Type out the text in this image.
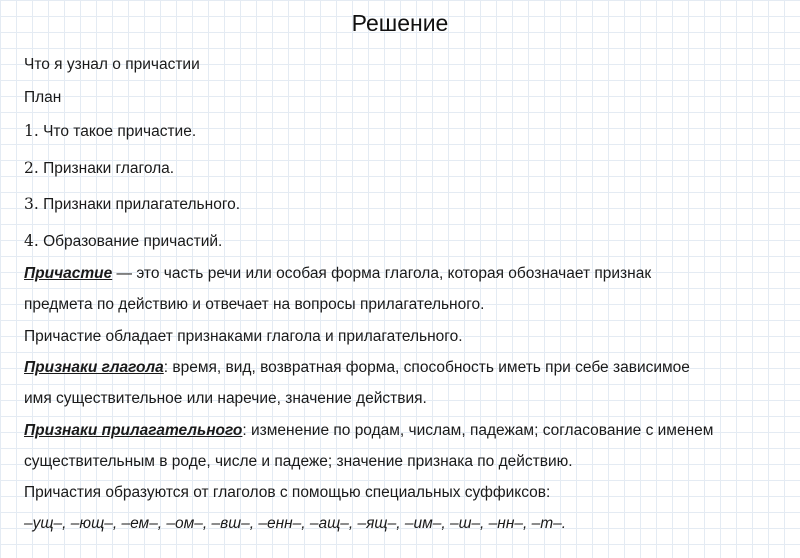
Решение
Что я узнал о причастии
План
1. Что такое причастие.
2. Признаки глагола.
3. Признаки прилагательного.
4. Образование причастий.
Причастие — это часть речи или особая форма глагола, которая обозначает признак
предмета по действию и отвечает на вопросы прилагательного.
Причастие обладает признаками глагола и прилагательного.
Признаки глагола: время, вид, возвратная форма, способность иметь при себе зависимое
имя существительное или наречие, значение действия.
Признаки прилагательного: изменение по родам, числам, падежам; согласование с именем
существительным в роде, числе и падеже; значение признака по действию.
Причастия образуются от глаголов с помощью специальных суффиксов:
–ущ–, –ющ–, –ем–, –ом–, –вш–, –енн–, –ащ–, –ящ–, –им–, –ш–, –нн–, –т–.
